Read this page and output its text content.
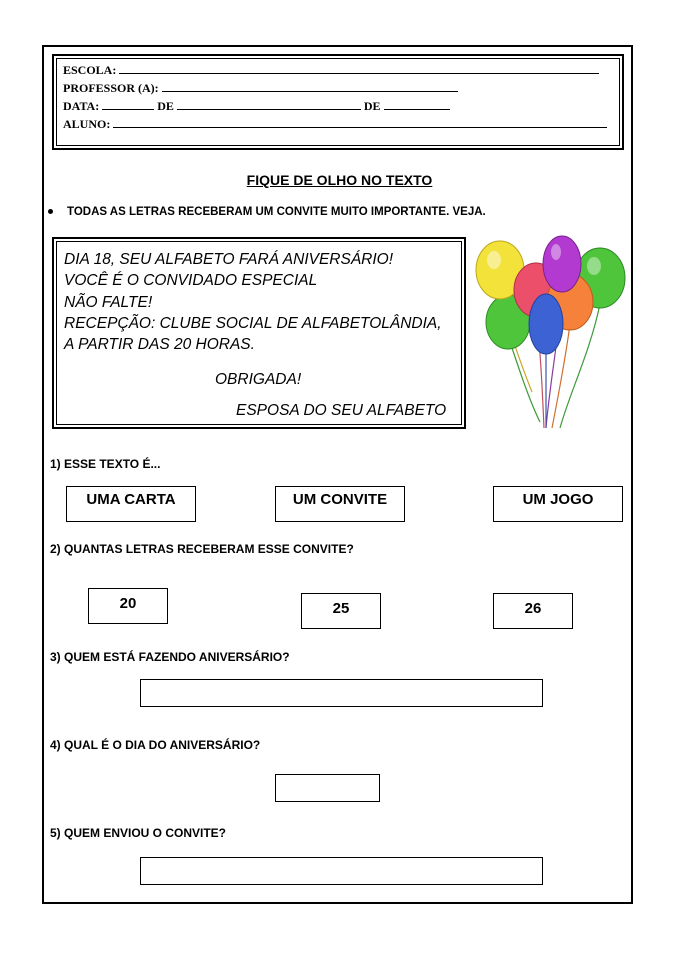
ESCOLA:
PROFESSOR (A):
DATA:	DE	DE
ALUNO:
FIQUE DE OLHO NO TEXTO
TODAS AS LETRAS RECEBERAM UM CONVITE MUITO IMPORTANTE. VEJA.
DIA 18, SEU ALFABETO FARÁ ANIVERSÁRIO!
VOCÊ É O CONVIDADO ESPECIAL
NÃO FALTE!
RECEPÇÃO: CLUBE SOCIAL DE ALFABETOLÂNDIA,
A PARTIR DAS 20 HORAS.
OBRIGADA!
ESPOSA DO SEU ALFABETO
1) ESSE TEXTO É...
UMA CARTA	UM CONVITE	UM JOGO
2) QUANTAS LETRAS RECEBERAM ESSE CONVITE?
20	25	26
3) QUEM ESTÁ FAZENDO ANIVERSÁRIO?
4) QUAL É O DIA DO ANIVERSÁRIO?
5) QUEM ENVIOU O CONVITE?
